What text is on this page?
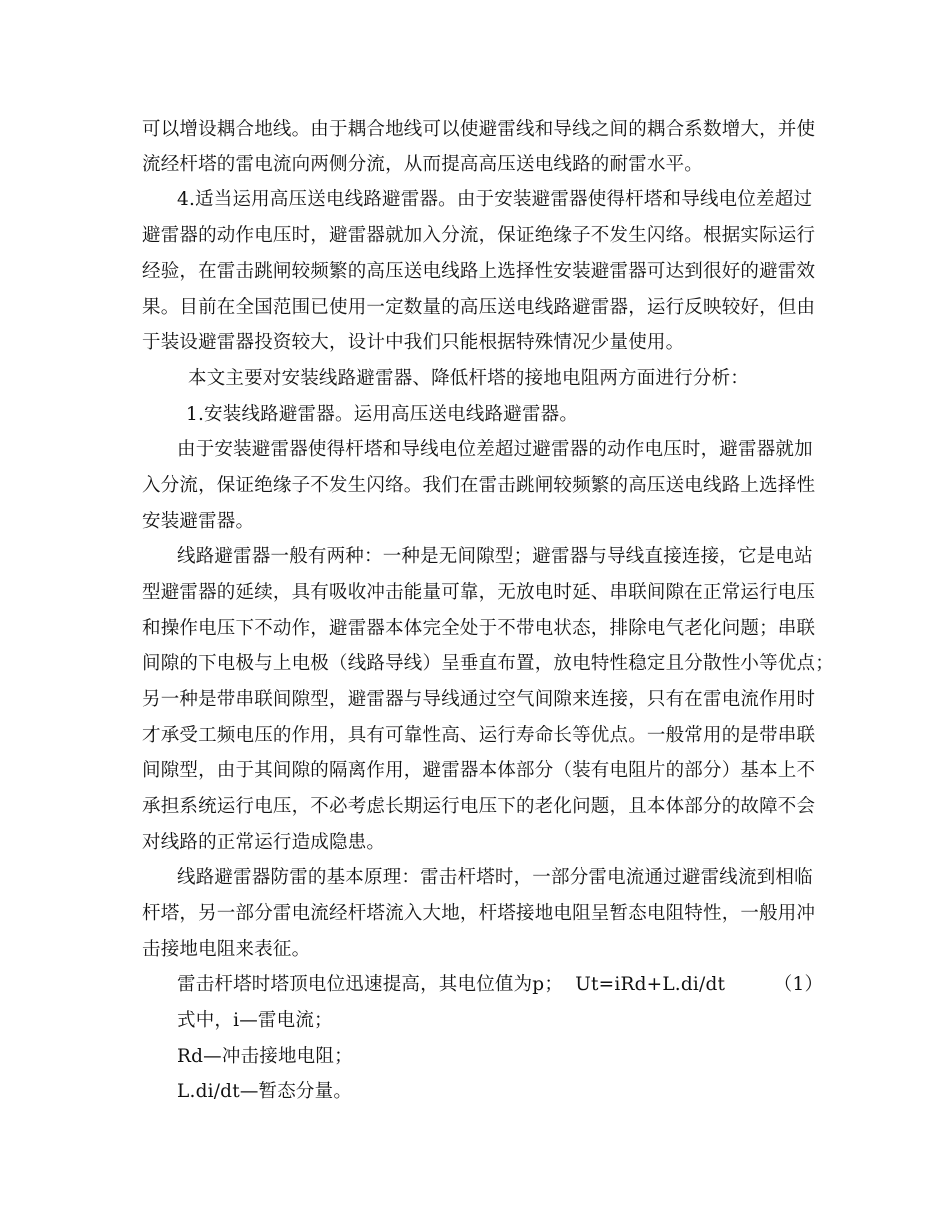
可以增设耦合地线。由于耦合地线可以使避雷线和导线之间的耦合系数增大，并使
流经杆塔的雷电流向两侧分流，从而提高高压送电线路的耐雷水平。
4.适当运用高压送电线路避雷器。由于安装避雷器使得杆塔和导线电位差超过
避雷器的动作电压时，避雷器就加入分流，保证绝缘子不发生闪络。根据实际运行
经验，在雷击跳闸较频繁的高压送电线路上选择性安装避雷器可达到很好的避雷效
果。目前在全国范围已使用一定数量的高压送电线路避雷器，运行反映较好，但由
于装设避雷器投资较大，设计中我们只能根据特殊情况少量使用。
本文主要对安装线路避雷器、降低杆塔的接地电阻两方面进行分析：
1.安装线路避雷器。运用高压送电线路避雷器。
由于安装避雷器使得杆塔和导线电位差超过避雷器的动作电压时，避雷器就加
入分流，保证绝缘子不发生闪络。我们在雷击跳闸较频繁的高压送电线路上选择性
安装避雷器。
线路避雷器一般有两种：一种是无间隙型；避雷器与导线直接连接，它是电站
型避雷器的延续，具有吸收冲击能量可靠，无放电时延、串联间隙在正常运行电压
和操作电压下不动作，避雷器本体完全处于不带电状态，排除电气老化问题；串联
间隙的下电极与上电极（线路导线）呈垂直布置，放电特性稳定且分散性小等优点；
另一种是带串联间隙型，避雷器与导线通过空气间隙来连接，只有在雷电流作用时
才承受工频电压的作用，具有可靠性高、运行寿命长等优点。一般常用的是带串联
间隙型，由于其间隙的隔离作用，避雷器本体部分（装有电阻片的部分）基本上不
承担系统运行电压，不必考虑长期运行电压下的老化问题，且本体部分的故障不会
对线路的正常运行造成隐患。
线路避雷器防雷的基本原理：雷击杆塔时，一部分雷电流通过避雷线流到相临
杆塔，另一部分雷电流经杆塔流入大地，杆塔接地电阻呈暂态电阻特性，一般用冲
击接地电阻来表征。
雷击杆塔时塔顶电位迅速提高，其电位值为p；  Ut=iRd+L.di/dt        （1）
式中，i—雷电流；
Rd—冲击接地电阻；
L.di/dt—暂态分量。
